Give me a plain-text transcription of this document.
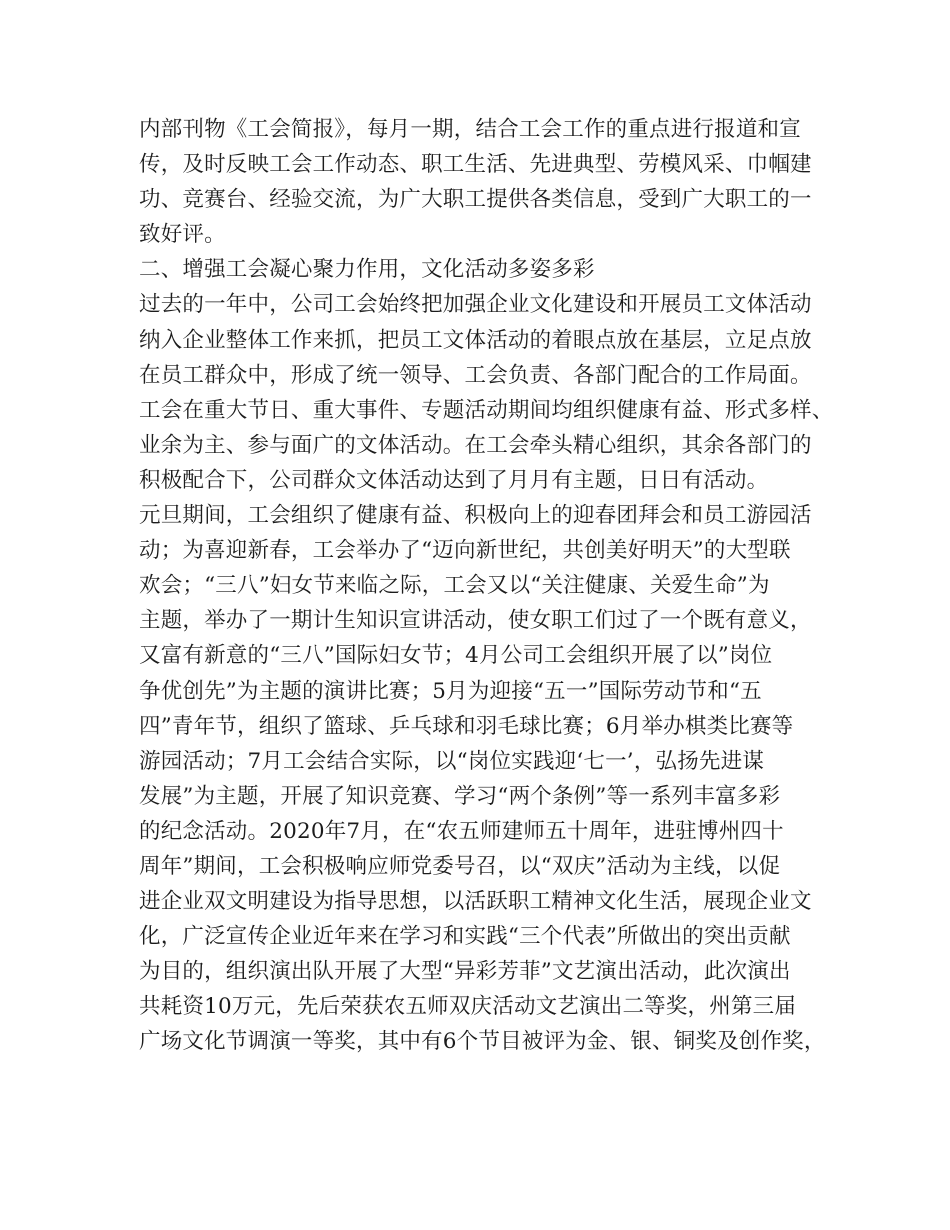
内部刊物《工会简报》，每月一期，结合工会工作的重点进行报道和宣
传，及时反映工会工作动态、职工生活、先进典型、劳模风采、巾帼建
功、竞赛台、经验交流，为广大职工提供各类信息，受到广大职工的一
致好评。
二、增强工会凝心聚力作用，文化活动多姿多彩
过去的一年中，公司工会始终把加强企业文化建设和开展员工文体活动
纳入企业整体工作来抓，把员工文体活动的着眼点放在基层，立足点放
在员工群众中，形成了统一领导、工会负责、各部门配合的工作局面。
工会在重大节日、重大事件、专题活动期间均组织健康有益、形式多样、
业余为主、参与面广的文体活动。在工会牵头精心组织，其余各部门的
积极配合下，公司群众文体活动达到了月月有主题，日日有活动。
元旦期间，工会组织了健康有益、积极向上的迎春团拜会和员工游园活
动；为喜迎新春，工会举办了“迈向新世纪，共创美好明天”的大型联
欢会；“三八”妇女节来临之际，工会又以“关注健康、关爱生命”为
主题，举办了一期计生知识宣讲活动，使女职工们过了一个既有意义，
又富有新意的“三八”国际妇女节；4月公司工会组织开展了以”岗位
争优创先”为主题的演讲比赛；5月为迎接“五一”国际劳动节和“五
四”青年节，组织了篮球、乒乓球和羽毛球比赛；6月举办棋类比赛等
游园活动；7月工会结合实际，以“岗位实践迎‘七一’，弘扬先进谋
发展”为主题，开展了知识竞赛、学习“两个条例”等一系列丰富多彩
的纪念活动。2020年7月，在“农五师建师五十周年，进驻博州四十
周年”期间，工会积极响应师党委号召，以“双庆”活动为主线，以促
进企业双文明建设为指导思想，以活跃职工精神文化生活，展现企业文
化，广泛宣传企业近年来在学习和实践“三个代表”所做出的突出贡献
为目的，组织演出队开展了大型“异彩芳菲”文艺演出活动，此次演出
共耗资10万元，先后荣获农五师双庆活动文艺演出二等奖，州第三届
广场文化节调演一等奖，其中有6个节目被评为金、银、铜奖及创作奖，
